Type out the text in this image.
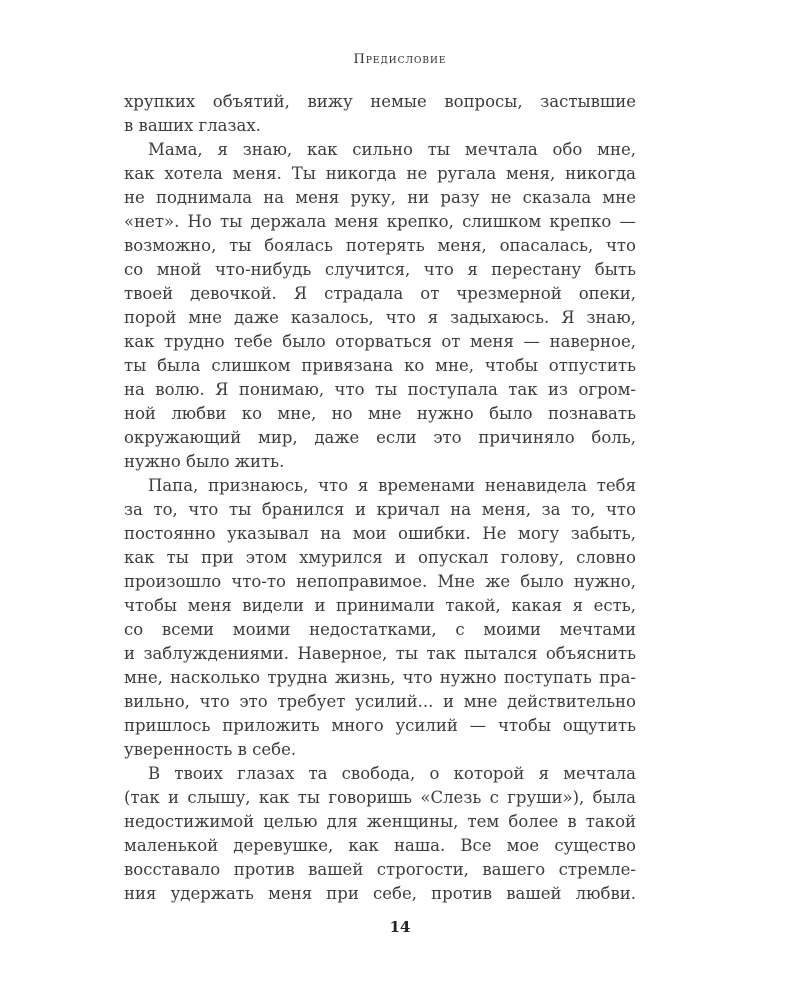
Предисловие
хрупких объятий, вижу немые вопросы, застывшие
в ваших глазах.
Мама, я знаю, как сильно ты мечтала обо мне,
как хотела меня. Ты никогда не ругала меня, никогда
не поднимала на меня руку, ни разу не сказала мне
«нет». Но ты держала меня крепко, слишком крепко —
возможно, ты боялась потерять меня, опасалась, что
со мной что-нибудь случится, что я перестану быть
твоей девочкой. Я страдала от чрезмерной опеки,
порой мне даже казалось, что я задыхаюсь. Я знаю,
как трудно тебе было оторваться от меня — наверное,
ты была слишком привязана ко мне, чтобы отпустить
на волю. Я понимаю, что ты поступала так из огром-
ной любви ко мне, но мне нужно было познавать
окружающий мир, даже если это причиняло боль,
нужно было жить.
Папа, признаюсь, что я временами ненавидела тебя
за то, что ты бранился и кричал на меня, за то, что
постоянно указывал на мои ошибки. Не могу забыть,
как ты при этом хмурился и опускал голову, словно
произошло что-то непоправимое. Мне же было нужно,
чтобы меня видели и принимали такой, какая я есть,
со всеми моими недостатками, с моими мечтами
и заблуждениями. Наверное, ты так пытался объяснить
мне, насколько трудна жизнь, что нужно поступать пра-
вильно, что это требует усилий... и мне действительно
пришлось приложить много усилий — чтобы ощутить
уверенность в себе.
В твоих глазах та свобода, о которой я мечтала
(так и слышу, как ты говоришь «Слезь с груши»), была
недостижимой целью для женщины, тем более в такой
маленькой деревушке, как наша. Все мое существо
восставало против вашей строгости, вашего стремле-
ния удержать меня при себе, против вашей любви.
14
